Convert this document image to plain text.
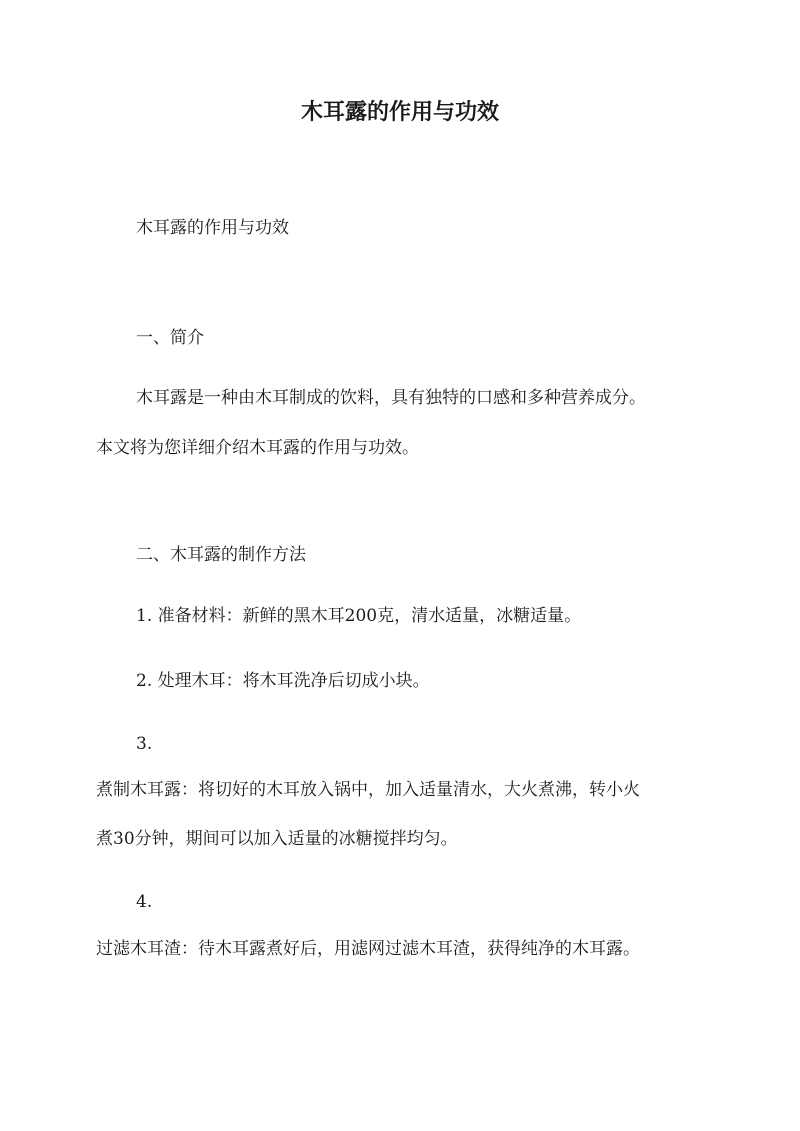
木耳露的作用与功效
木耳露的作用与功效
一、简介
木耳露是一种由木耳制成的饮料，具有独特的口感和多种营养成分。
本文将为您详细介绍木耳露的作用与功效。
二、木耳露的制作方法
1. 准备材料：新鲜的黑木耳200克，清水适量，冰糖适量。
2. 处理木耳：将木耳洗净后切成小块。
3.
煮制木耳露：将切好的木耳放入锅中，加入适量清水，大火煮沸，转小火
煮30分钟，期间可以加入适量的冰糖搅拌均匀。
4.
过滤木耳渣：待木耳露煮好后，用滤网过滤木耳渣，获得纯净的木耳露。
